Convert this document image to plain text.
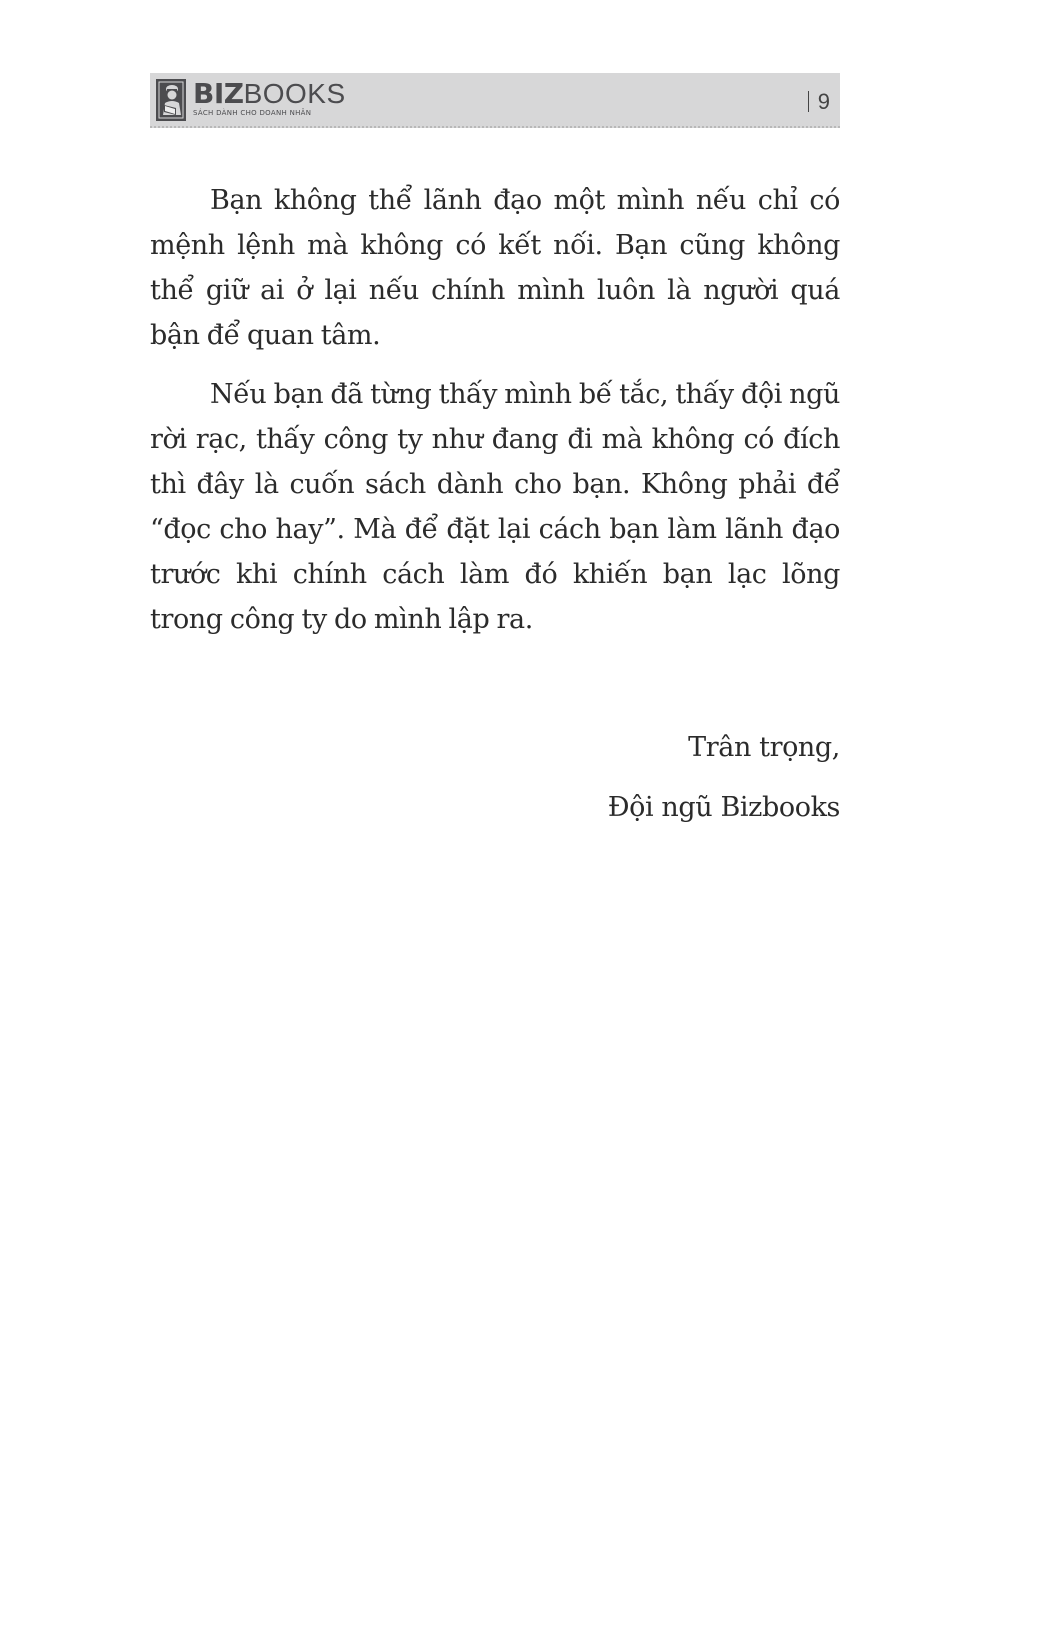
BIZBOOKS
SÁCH DÀNH CHO DOANH NHÂN	9

Bạn không thể lãnh đạo một mình nếu chỉ có mệnh lệnh mà không có kết nối. Bạn cũng không thể giữ ai ở lại nếu chính mình luôn là người quá bận để quan tâm.

Nếu bạn đã từng thấy mình bế tắc, thấy đội ngũ rời rạc, thấy công ty như đang đi mà không có đích thì đây là cuốn sách dành cho bạn. Không phải để “đọc cho hay”. Mà để đặt lại cách bạn làm lãnh đạo trước khi chính cách làm đó khiến bạn lạc lõng trong công ty do mình lập ra.

Trân trọng,
Đội ngũ Bizbooks
